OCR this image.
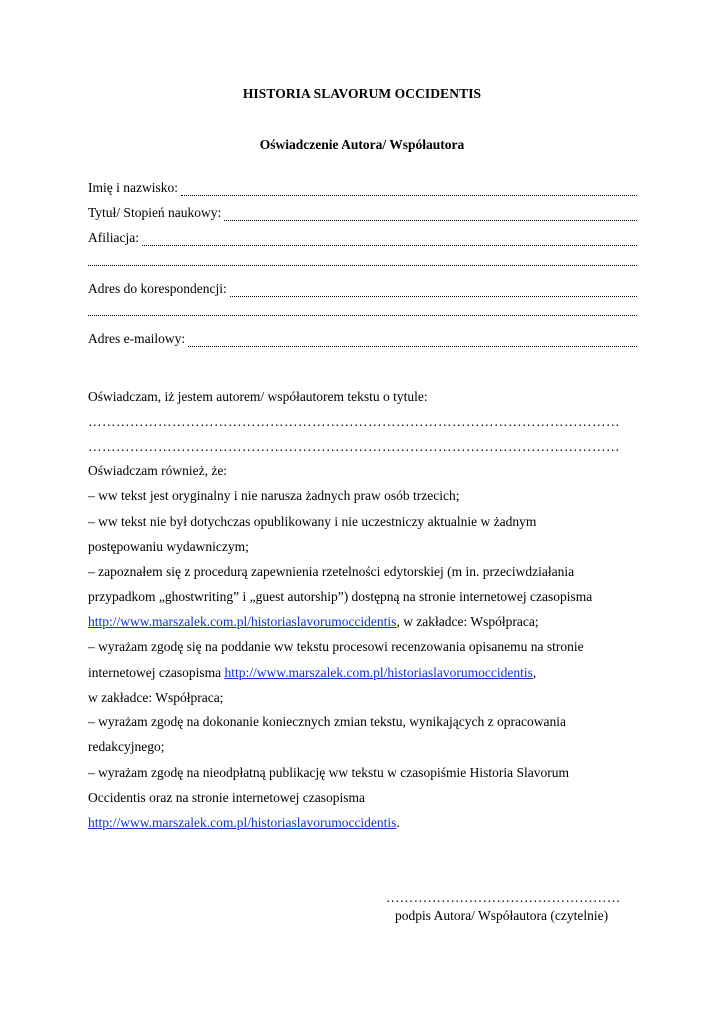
HISTORIA SLAVORUM OCCIDENTIS
Oświadczenie Autora/ Współautora
Imię i nazwisko:
Tytuł/ Stopień naukowy:
Afiliacja:
Adres do korespondencji:
Adres e-mailowy:
Oświadczam, iż jestem autorem/ współautorem tekstu o tytule:
……………………………………………………………………………………………………
……………………………………………………………………………………………………
Oświadczam również, że:
– ww tekst jest oryginalny i nie narusza żadnych praw osób trzecich;
– ww tekst nie był dotychczas opublikowany i nie uczestniczy aktualnie w żadnym
postępowaniu wydawniczym;
– zapoznałem się z procedurą zapewnienia rzetelności edytorskiej (m in. przeciwdziałania
przypadkom „ghostwriting” i „guest autorship”) dostępną na stronie internetowej czasopisma
http://www.marszalek.com.pl/historiaslavorumoccidentis, w zakładce: Współpraca;
– wyrażam zgodę się na poddanie ww tekstu procesowi recenzowania opisanemu na stronie
internetowej czasopisma http://www.marszalek.com.pl/historiaslavorumoccidentis,
w zakładce: Współpraca;
– wyrażam zgodę na dokonanie koniecznych zmian tekstu, wynikających z opracowania
redakcyjnego;
– wyrażam zgodę na nieodpłatną publikację ww tekstu w czasopiśmie Historia Slavorum
Occidentis oraz na stronie internetowej czasopisma
http://www.marszalek.com.pl/historiaslavorumoccidentis.
……………………………………………
podpis Autora/ Współautora (czytelnie)
